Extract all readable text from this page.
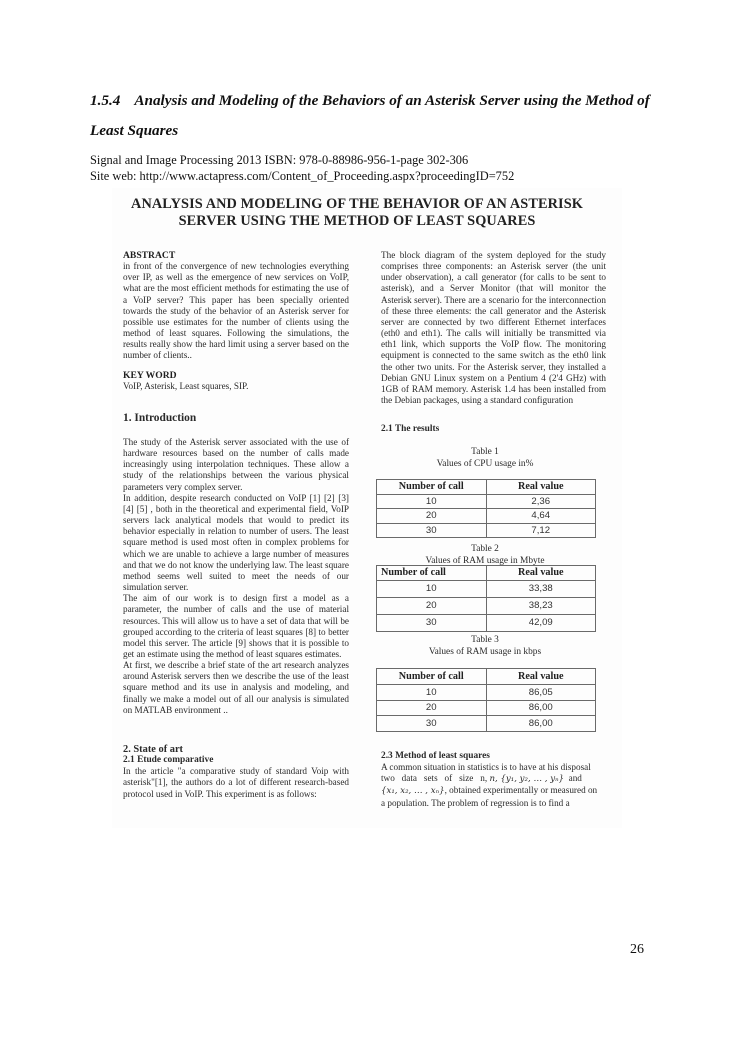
1.5.4 Analysis and Modeling of the Behaviors of an Asterisk Server using the Method of Least Squares
Signal and Image Processing 2013 ISBN: 978-0-88986-956-1-page 302-306
Site web: http://www.actapress.com/Content_of_Proceeding.aspx?proceedingID=752
ANALYSIS AND MODELING OF THE BEHAVIOR OF AN ASTERISK
SERVER USING THE METHOD OF LEAST SQUARES
ABSTRACT

in front of the convergence of new technologies everything over IP, as well as the emergence of new services on VoIP, what are the most efficient methods for estimating the use of a VoIP server? This paper has been specially oriented towards the study of the behavior of an Asterisk server for possible use estimates for the number of clients using the method of least squares. Following the simulations, the results really show the hard limit using a server based on the number of clients..

KEY WORD
VoIP, Asterisk, Least squares, SIP.
1. Introduction

The study of the Asterisk server associated with the use of hardware resources based on the number of calls made increasingly using interpolation techniques. These allow a study of the relationships between the various physical parameters very complex server.

In addition, despite research conducted on VoIP [1] [2] [3] [4] [5] , both in the theoretical and experimental field, VoIP servers lack analytical models that would to predict its behavior especially in relation to number of users. The least square method is used most often in complex problems for which we are unable to achieve a large number of measures and that we do not know the underlying law. The least square method seems well suited to meet the needs of our simulation server.

The aim of our work is to design first a model as a parameter, the number of calls and the use of material resources. This will allow us to have a set of data that will be grouped according to the criteria of least squares [8] to better model this server. The article [9] shows that it is possible to get an estimate using the method of least squares estimates.

At first, we describe a brief state of the art research analyzes around Asterisk servers then we describe the use of the least square method and its use in analysis and modeling, and finally we make a model out of all our analysis is simulated on MATLAB environment ..

2. State of art
2.1 Etude comparative

In the article "a comparative study of standard Voip with asterisk"[1], the authors do a lot of different research-based protocol used in VoIP. This experiment is as follows:

The block diagram of the system deployed for the study comprises three components: an Asterisk server (the unit under observation), a call generator (for calls to be sent to asterisk), and a Server Monitor (that will monitor the Asterisk server). There are a scenario for the interconnection of these three elements: the call generator and the Asterisk server are connected by two different Ethernet interfaces (eth0 and eth1). The calls will initially be transmitted via eth1 link, which supports the VoIP flow. The monitoring equipment is connected to the same switch as the eth0 link the other two units. For the Asterisk server, they installed a Debian GNU Linux system on a Pentium 4 (2'4 GHz) with 1GB of RAM memory. Asterisk 1.4 has been installed from the Debian packages, using a standard configuration

2.1 The results
Table 1
Values of CPU usage in%
Number of call	Real value
10	2,36
20	4,64
30	7,12
Table 2
Values of RAM usage in Mbyte
Number of call	Real value
10	33,38
20	38,23
30	42,09
Table 3
Values of RAM usage in kbps
Number of call	Real value
10	86,05
20	86,00
30	86,00
2.3 Method of least squares
A common situation in statistics is to have at his disposal
two   data   sets   of   size   n, n, {y₁, y₂, … , yₙ}  and
{x₁, x₂, … , xₙ}, obtained experimentally or measured on
a population. The problem of regression is to find a
26
